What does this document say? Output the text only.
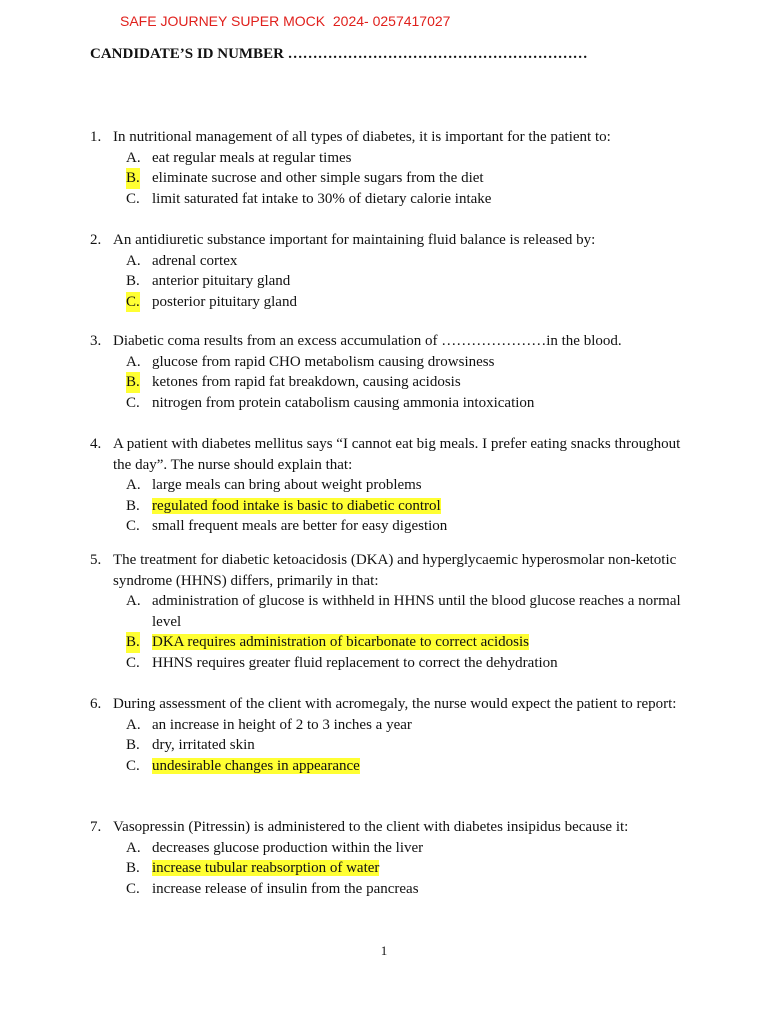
SAFE JOURNEY SUPER MOCK  2024- 0257417027
CANDIDATE’S ID NUMBER ……………………………………………………
1. In nutritional management of all types of diabetes, it is important for the patient to:
A. eat regular meals at regular times
B. eliminate sucrose and other simple sugars from the diet
C. limit saturated fat intake to 30% of dietary calorie intake
2. An antidiuretic substance important for maintaining fluid balance is released by:
A. adrenal cortex
B. anterior pituitary gland
C. posterior pituitary gland
3. Diabetic coma results from an excess accumulation of …………………in the blood.
A. glucose from rapid CHO metabolism causing drowsiness
B. ketones from rapid fat breakdown, causing acidosis
C. nitrogen from protein catabolism causing ammonia intoxication
4. A patient with diabetes mellitus says “I cannot eat big meals. I prefer eating snacks throughout the day”. The nurse should explain that:
A. large meals can bring about weight problems
B. regulated food intake is basic to diabetic control
C. small frequent meals are better for easy digestion
5. The treatment for diabetic ketoacidosis (DKA) and hyperglycaemic hyperosmolar non-ketotic syndrome (HHNS) differs, primarily in that:
A. administration of glucose is withheld in HHNS until the blood glucose reaches a normal level
B. DKA requires administration of bicarbonate to correct acidosis
C. HHNS requires greater fluid replacement to correct the dehydration
6. During assessment of the client with acromegaly, the nurse would expect the patient to report:
A. an increase in height of 2 to 3 inches a year
B. dry, irritated skin
C. undesirable changes in appearance
7. Vasopressin (Pitressin) is administered to the client with diabetes insipidus because it:
A. decreases glucose production within the liver
B. increase tubular reabsorption of water
C. increase release of insulin from the pancreas
1
